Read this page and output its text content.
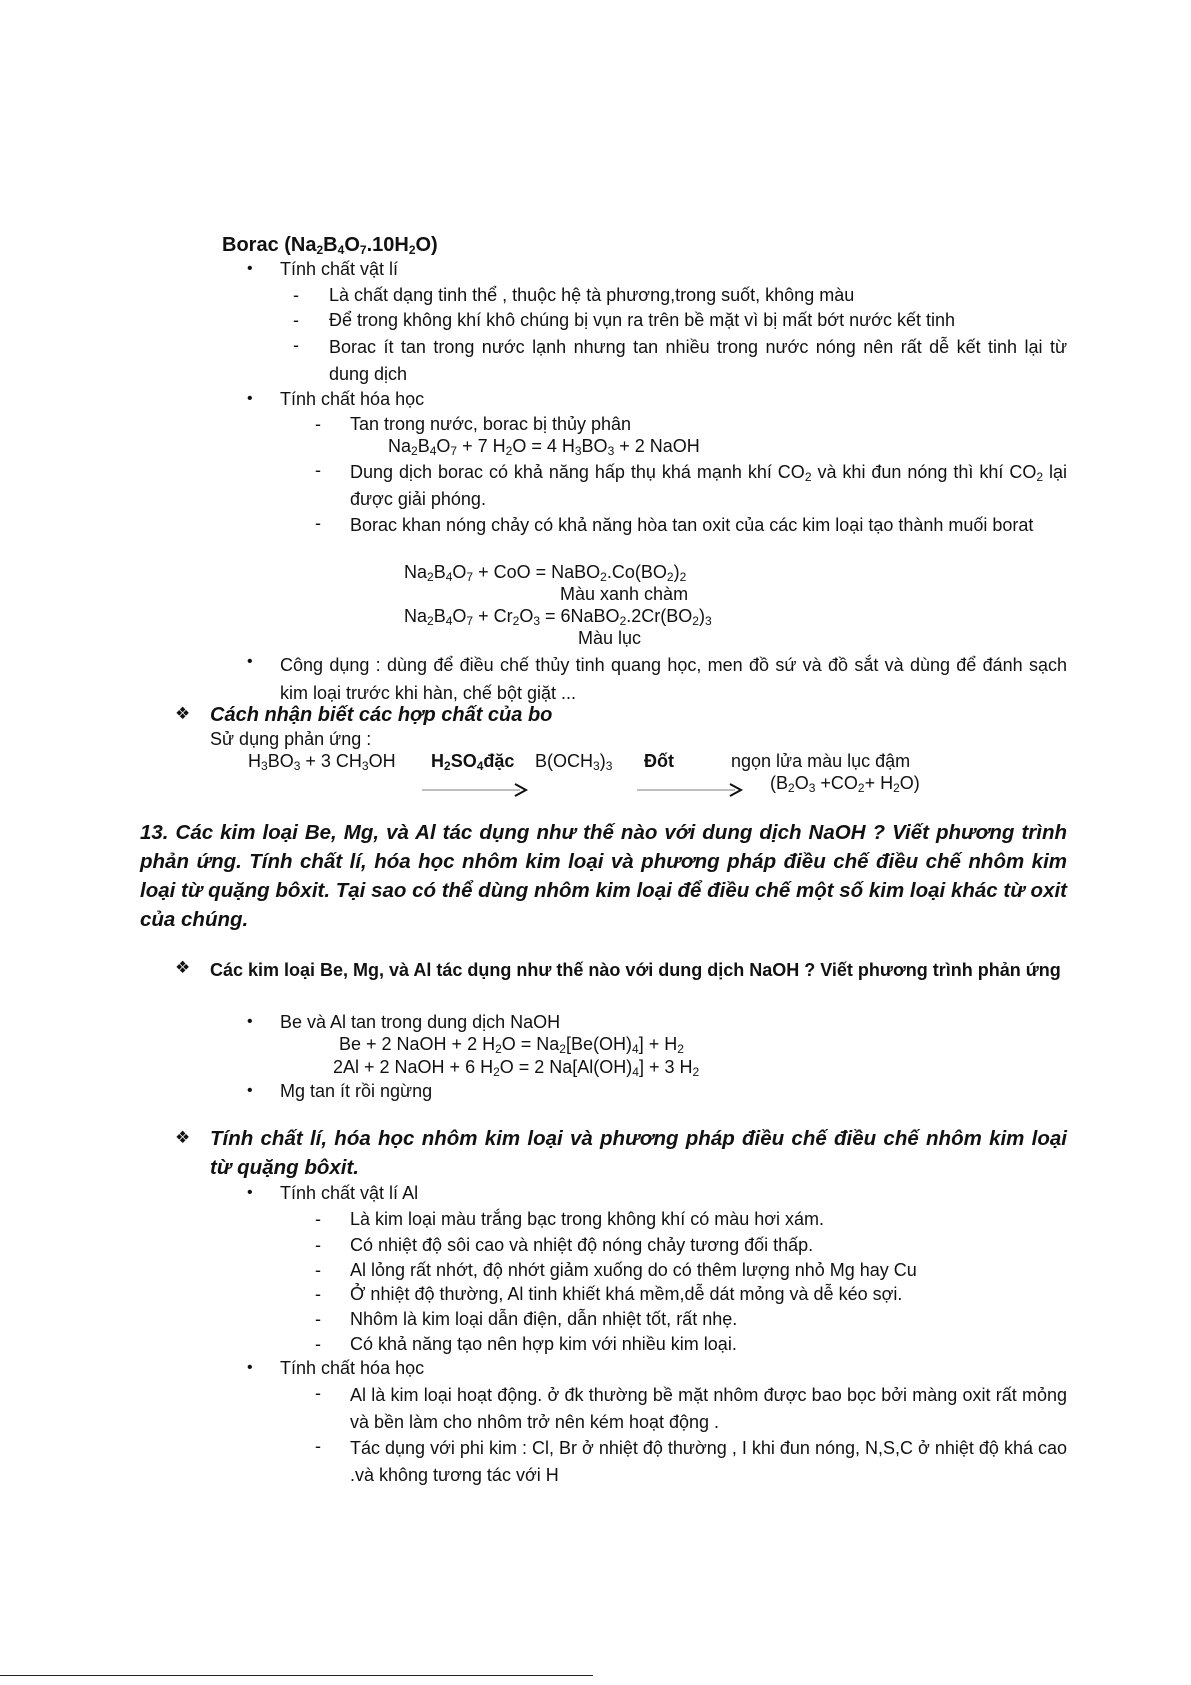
Borac $(Na_2B_4O_7.10H_2O)$
• Tính chất vật lí
-	Là chất dạng tinh thể , thuộc hệ tà phương,trong suốt, không màu
-	Để trong không khí khô chúng bị vụn ra trên bề mặt vì bị mất bớt nước kết tinh
-	Borac ít tan trong nước lạnh nhưng tan nhiều trong nước nóng nên rất dễ kết tinh lại từ dung dịch
• Tính chất hóa học
-	Tan trong nước, borac bị thủy phân
$Na_2B_4O_7 + 7$ $H_2O = 4$ $H_3BO_3 + 2$ NaOH
-	Dung dịch borac có khả năng hấp thụ khá mạnh khí $CO_2$ và khi đun nóng thì khí $CO_2$ lại được giải phóng.
-	Borac khan nóng chảy có khả năng hòa tan oxit của các kim loại tạo thành muối borat
$Na_2B_4O_7$ + CoO = $NaBO_2.Co(BO_2)_2$
Màu xanh chàm
$Na_2B_4O_7 + Cr_2O_3$ = $6NaBO_2.2Cr(BO_2)_3$
Màu lục
• Công dụng : dùng để điều chế thủy tinh quang học, men đồ sứ và đồ sắt và dùng để đánh sạch kim loại trước khi hàn, chế bột giặt ...
❖ Cách nhận biết các hợp chất của bo
Sử dụng phản ứng :
$H_3BO_3 + 3$ $CH_3OH$ $H_2SO_4đặc$ $B(OCH_3)_3$ Đốt	ngọn lửa màu lục đậm
$(B_2O_3 +CO_2+ H_2O)$
13. Các kim loại Be, Mg, và Al tác dụng như thế nào với dung dịch NaOH ? Viết phương trình phản ứng. Tính chất lí, hóa học nhôm kim loại và phương pháp điều chế điều chế nhôm kim loại từ quặng bôxit. Tại sao có thể dùng nhôm kim loại để điều chế một số kim loại khác từ oxit của chúng.
❖ Các kim loại Be, Mg, và Al tác dụng như thế nào với dung dịch NaOH ? Viết phương trình phản ứng
• Be và Al tan trong dung dịch NaOH
Be + 2 NaOH + 2 $H_2O = Na_2[Be(OH)_4] + H_2$
2Al + 2 NaOH + 6 $H_2O = 2$ $Na[Al(OH)_4] + 3$ $H_2$
• Mg tan ít rồi ngừng
❖ Tính chất lí, hóa học nhôm kim loại và phương pháp điều chế điều chế nhôm kim loại từ quặng bôxit.
• Tính chất vật lí Al
-	Là kim loại màu trắng bạc trong không khí có màu hơi xám.
-	Có nhiệt độ sôi cao và nhiệt độ nóng chảy tương đối thấp.
-	Al lỏng rất nhớt, độ nhớt giảm xuống do có thêm lượng nhỏ Mg hay Cu
-	Ở nhiệt độ thường, Al tinh khiết khá mềm,dễ dát mỏng và dễ kéo sợi.
-	Nhôm là kim loại dẫn điện, dẫn nhiệt tốt, rất nhẹ.
-	Có khả năng tạo nên hợp kim với nhiều kim loại.
• Tính chất hóa học
-	Al là kim loại hoạt động. ở đk thường bề mặt nhôm được bao bọc bởi màng oxit rất mỏng và bền làm cho nhôm trở nên kém hoạt động .
-	Tác dụng với phi kim : Cl, Br ở nhiệt độ thường , I khi đun nóng, N,S,C ở nhiệt độ khá cao .và không tương tác với H
